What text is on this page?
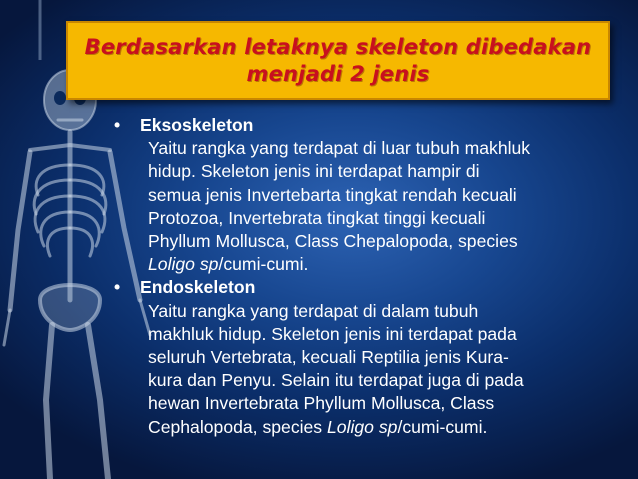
Berdasarkan letaknya skeleton dibedakan
menjadi 2 jenis
• Eksoskeleton
Yaitu rangka yang terdapat di luar tubuh makhluk
hidup. Skeleton jenis ini terdapat hampir di
semua jenis Invertebarta tingkat rendah kecuali
Protozoa, Invertebrata tingkat tinggi kecuali
Phyllum Mollusca, Class Chepalopoda, species
Loligo sp/cumi-cumi.
• Endoskeleton
Yaitu rangka yang terdapat di dalam tubuh
makhluk hidup. Skeleton jenis ini terdapat pada
seluruh Vertebrata, kecuali Reptilia jenis Kura-
kura dan Penyu. Selain itu terdapat juga di pada
hewan Invertebrata Phyllum Mollusca, Class
Cephalopoda, species Loligo sp/cumi-cumi.
